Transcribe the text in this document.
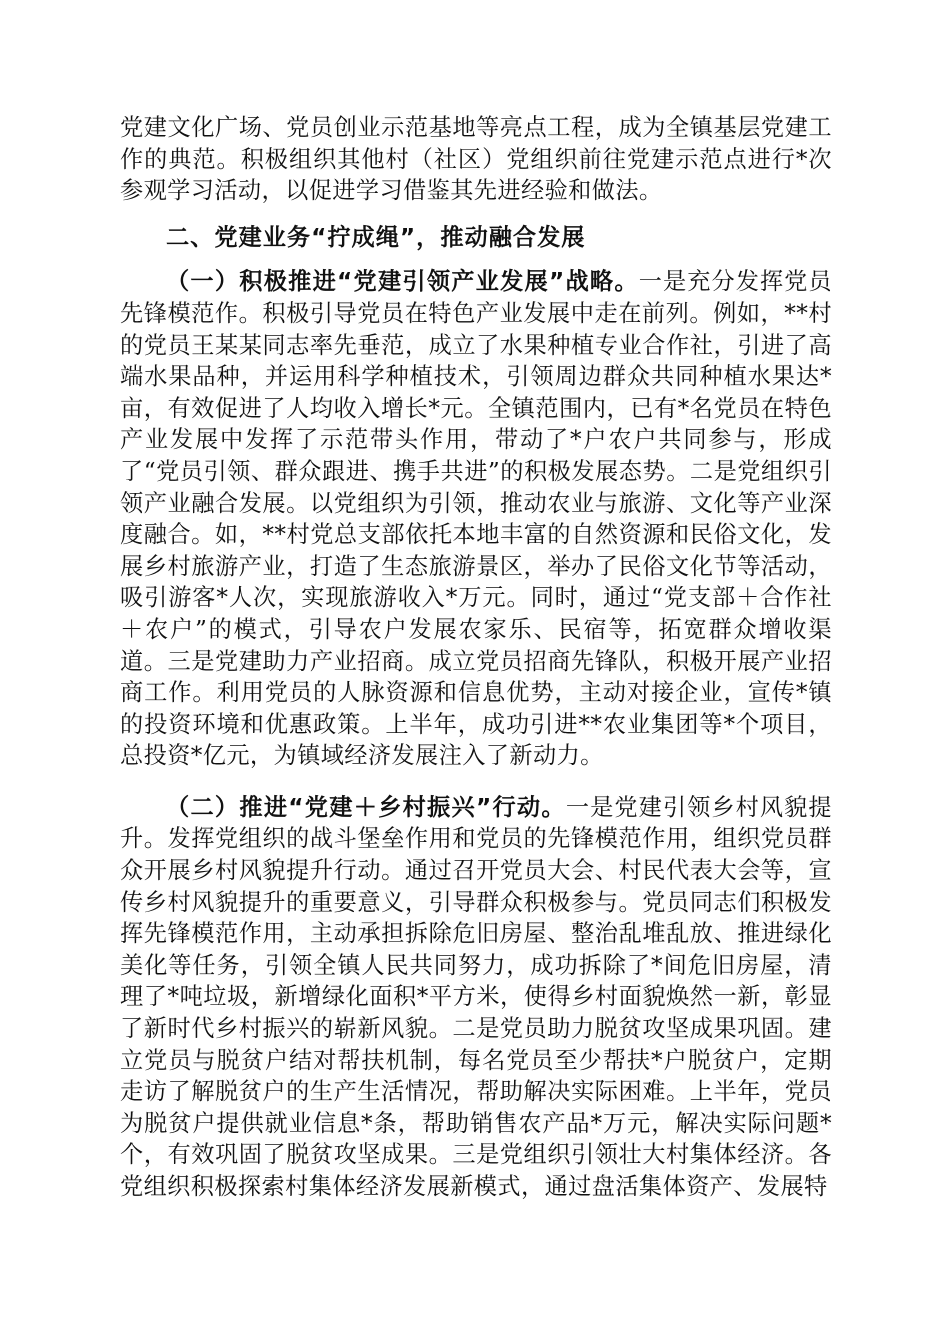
党建文化广场、党员创业示范基地等亮点工程，成为全镇基层党建工作的典范。积极组织其他村（社区）党组织前往党建示范点进行*次参观学习活动，以促进学习借鉴其先进经验和做法。

二、党建业务“拧成绳”，推动融合发展

（一）积极推进“党建引领产业发展”战略。一是充分发挥党员先锋模范作。积极引导党员在特色产业发展中走在前列。例如，**村的党员王某某同志率先垂范，成立了水果种植专业合作社，引进了高端水果品种，并运用科学种植技术，引领周边群众共同种植水果达*亩，有效促进了人均收入增长*元。全镇范围内，已有*名党员在特色产业发展中发挥了示范带头作用，带动了*户农户共同参与，形成了“党员引领、群众跟进、携手共进”的积极发展态势。二是党组织引领产业融合发展。以党组织为引领，推动农业与旅游、文化等产业深度融合。如，**村党总支部依托本地丰富的自然资源和民俗文化，发展乡村旅游产业，打造了生态旅游景区，举办了民俗文化节等活动，吸引游客*人次，实现旅游收入*万元。同时，通过“党支部＋合作社＋农户”的模式，引导农户发展农家乐、民宿等，拓宽群众增收渠道。三是党建助力产业招商。成立党员招商先锋队，积极开展产业招商工作。利用党员的人脉资源和信息优势，主动对接企业，宣传*镇的投资环境和优惠政策。上半年，成功引进**农业集团等*个项目，总投资*亿元，为镇域经济发展注入了新动力。

（二）推进“党建＋乡村振兴”行动。一是党建引领乡村风貌提升。发挥党组织的战斗堡垒作用和党员的先锋模范作用，组织党员群众开展乡村风貌提升行动。通过召开党员大会、村民代表大会等，宣传乡村风貌提升的重要意义，引导群众积极参与。党员同志们积极发挥先锋模范作用，主动承担拆除危旧房屋、整治乱堆乱放、推进绿化美化等任务，引领全镇人民共同努力，成功拆除了*间危旧房屋，清理了*吨垃圾，新增绿化面积*平方米，使得乡村面貌焕然一新，彰显了新时代乡村振兴的崭新风貌。二是党员助力脱贫攻坚成果巩固。建立党员与脱贫户结对帮扶机制，每名党员至少帮扶*户脱贫户，定期走访了解脱贫户的生产生活情况，帮助解决实际困难。上半年，党员为脱贫户提供就业信息*条，帮助销售农产品*万元，解决实际问题*个，有效巩固了脱贫攻坚成果。三是党组织引领壮大村集体经济。各党组织积极探索村集体经济发展新模式，通过盘活集体资产、发展特
